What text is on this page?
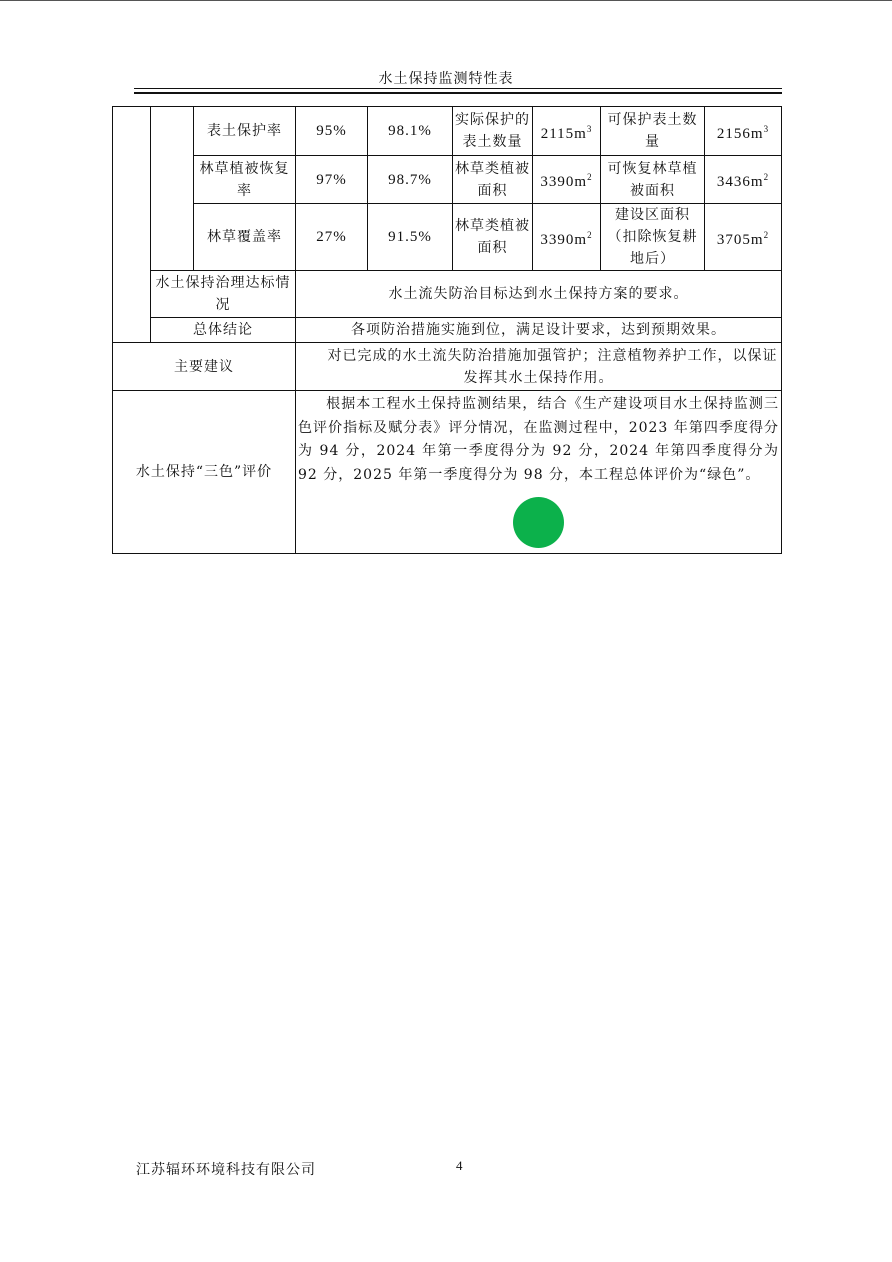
水土保持监测特性表
		表土保护率	95%	98.1%	实际保护的表土数量	$2115m^3$	可保护表土数量	$2156m^3$
		林草植被恢复率	97%	98.7%	林草类植被面积	$3390m^2$	可恢复林草植被面积	$3436m^2$
		林草覆盖率	27%	91.5%	林草类植被面积	$3390m^2$	建设区面积（扣除恢复耕地后）	$3705m^2$
	水土保持治理达标情况		水土流失防治目标达到水土保持方案的要求。					
	总体结论		各项防治措施实施到位，满足设计要求，达到预期效果。					
主要建议			对已完成的水土流失防治措施加强管护；注意植物养护工作，以保证发挥其水土保持作用。					
水土保持“三色”评价			根据本工程水土保持监测结果，结合《生产建设项目水土保持监测三色评价指标及赋分表》评分情况，在监测过程中，2023 年第四季度得分为 94 分，2024 年第一季度得分为 92 分，2024 年第四季度得分为 92 分，2025 年第一季度得分为 98 分，本工程总体评价为“绿色”。					
江苏辐环环境科技有限公司	4
